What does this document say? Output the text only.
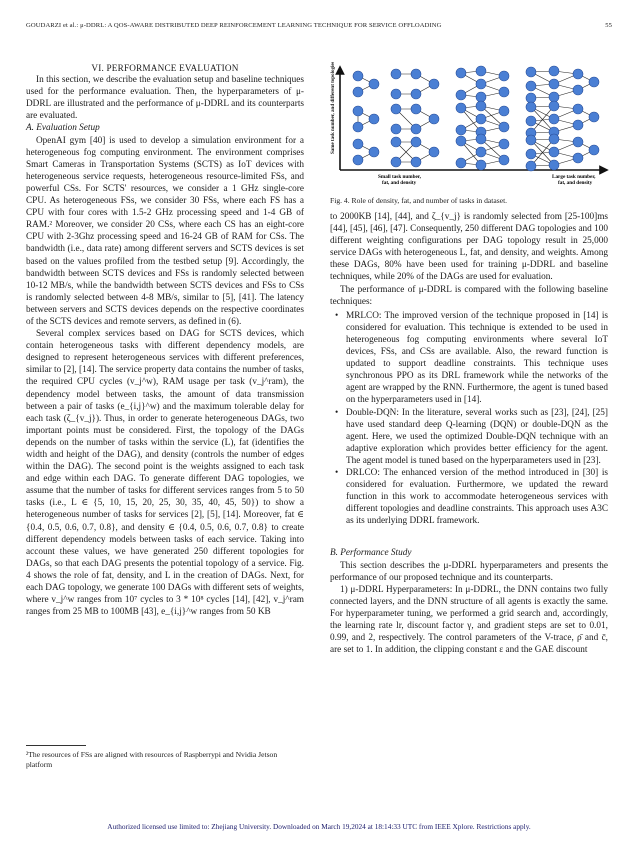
GOUDARZI et al.: μ-DDRL: A QOS-AWARE DISTRIBUTED DEEP REINFORCEMENT LEARNING TECHNIQUE FOR SERVICE OFFLOADING	55

VI. PERFORMANCE EVALUATION

In this section, we describe the evaluation setup and baseline techniques used for the performance evaluation. Then, the hyperparameters of μ-DDRL are illustrated and the performance of μ-DDRL and its counterparts are evaluated.

A. Evaluation Setup

OpenAI gym [40] is used to develop a simulation environment for a heterogeneous fog computing environment. The environment comprises Smart Cameras in Transportation Systems (SCTS) as IoT devices with heterogeneous service requests, heterogeneous resource-limited FSs, and powerful CSs. For SCTS' resources, we consider a 1 GHz single-core CPU. As heterogeneous FSs, we consider 30 FSs, where each FS has a CPU with four cores with 1.5-2 GHz processing speed and 1-4 GB of RAM.² Moreover, we consider 20 CSs, where each CS has an eight-core CPU with 2-3Ghz processing speed and 16-24 GB of RAM for CSs. The bandwidth (i.e., data rate) among different servers and SCTS devices is set based on the values profiled from the testbed setup [9]. Accordingly, the bandwidth between SCTS devices and FSs is randomly selected between 10-12 MB/s, while the bandwidth between SCTS devices and FSs to CSs is randomly selected between 4-8 MB/s, similar to [5], [41]. The latency between servers and SCTS devices depends on the respective coordinates of the SCTS devices and remote servers, as defined in (6).

Several complex services based on DAG for SCTS devices, which contain heterogeneous tasks with different dependency models, are designed to represent heterogeneous services with different preferences, similar to [2], [14]. The service property data contains the number of tasks, the required CPU cycles (v_j^w), RAM usage per task (v_j^ram), the dependency model between tasks, the amount of data transmission between a pair of tasks (e_{i,j}^w) and the maximum tolerable delay for each task (ζ_{v_j}). Thus, in order to generate heterogeneous DAGs, two important points must be considered. First, the topology of the DAGs depends on the number of tasks within the service (L), fat (identifies the width and height of the DAG), and density (controls the number of edges within the DAG). The second point is the weights assigned to each task and edge within each DAG. To generate different DAG topologies, we assume that the number of tasks for different services ranges from 5 to 50 tasks (i.e., L ∈ {5, 10, 15, 20, 25, 30, 35, 40, 45, 50}) to show a heterogeneous number of tasks for services [2], [5], [14]. Moreover, fat ∈ {0.4, 0.5, 0.6, 0.7, 0.8}, and density ∈ {0.4, 0.5, 0.6, 0.7, 0.8} to create different dependency models between tasks of each service. Taking into account these values, we have generated 250 different topologies for DAGs, so that each DAG presents the potential topology of a service. Fig. 4 shows the role of fat, density, and L in the creation of DAGs. Next, for each DAG topology, we generate 100 DAGs with different sets of weights, where v_j^w ranges from 10⁷ cycles to 3 * 10⁸ cycles [14], [42], v_j^ram ranges from 25 MB to 100MB [43], e_{i,j}^w ranges from 50 KB

²The resources of FSs are aligned with resources of Raspberrypi and Nvidia Jetson platform
Same task number, and different topologies
Small task number, fat, and density
Large task number, fat, and density
Fig. 4. Role of density, fat, and number of tasks in dataset.

to 2000KB [14], [44], and ζ_{v_j} is randomly selected from [25-100]ms [44], [45], [46], [47]. Consequently, 250 different DAG topologies and 100 different weighting configurations per DAG topology result in 25,000 service DAGs with heterogeneous L, fat, and density, and weights. Among these DAGs, 80% have been used for training μ-DDRL and baseline techniques, while 20% of the DAGs are used for evaluation.

The performance of μ-DDRL is compared with the following baseline techniques:

• MRLCO: The improved version of the technique proposed in [14] is considered for evaluation. This technique is extended to be used in heterogeneous fog computing environments where several IoT devices, FSs, and CSs are available. Also, the reward function is updated to support deadline constraints. This technique uses synchronous PPO as its DRL framework while the networks of the agent are wrapped by the RNN. Furthermore, the agent is tuned based on the hyperparameters used in [14].
• Double-DQN: In the literature, several works such as [23], [24], [25] have used standard deep Q-learning (DQN) or double-DQN as the agent. Here, we used the optimized Double-DQN technique with an adaptive exploration which provides better efficiency for the agent. The agent model is tuned based on the hyperparameters used in [23].
• DRLCO: The enhanced version of the method introduced in [30] is considered for evaluation. Furthermore, we updated the reward function in this work to accommodate heterogeneous services with different topologies and deadline constraints. This approach uses A3C as its underlying DDRL framework.

B. Performance Study

This section describes the μ-DDRL hyperparameters and presents the performance of our proposed technique and its counterparts.

1) μ-DDRL Hyperparameters: In μ-DDRL, the DNN contains two fully connected layers, and the DNN structure of all agents is exactly the same. For hyperparameter tuning, we performed a grid search and, accordingly, the learning rate lr, discount factor γ, and gradient steps are set to 0.01, 0.99, and 2, respectively. The control parameters of the V-trace, ρ̄ and c̄, are set to 1. In addition, the clipping constant ε and the GAE discount

Authorized licensed use limited to: Zhejiang University. Downloaded on March 19,2024 at 18:14:33 UTC from IEEE Xplore. Restrictions apply.
